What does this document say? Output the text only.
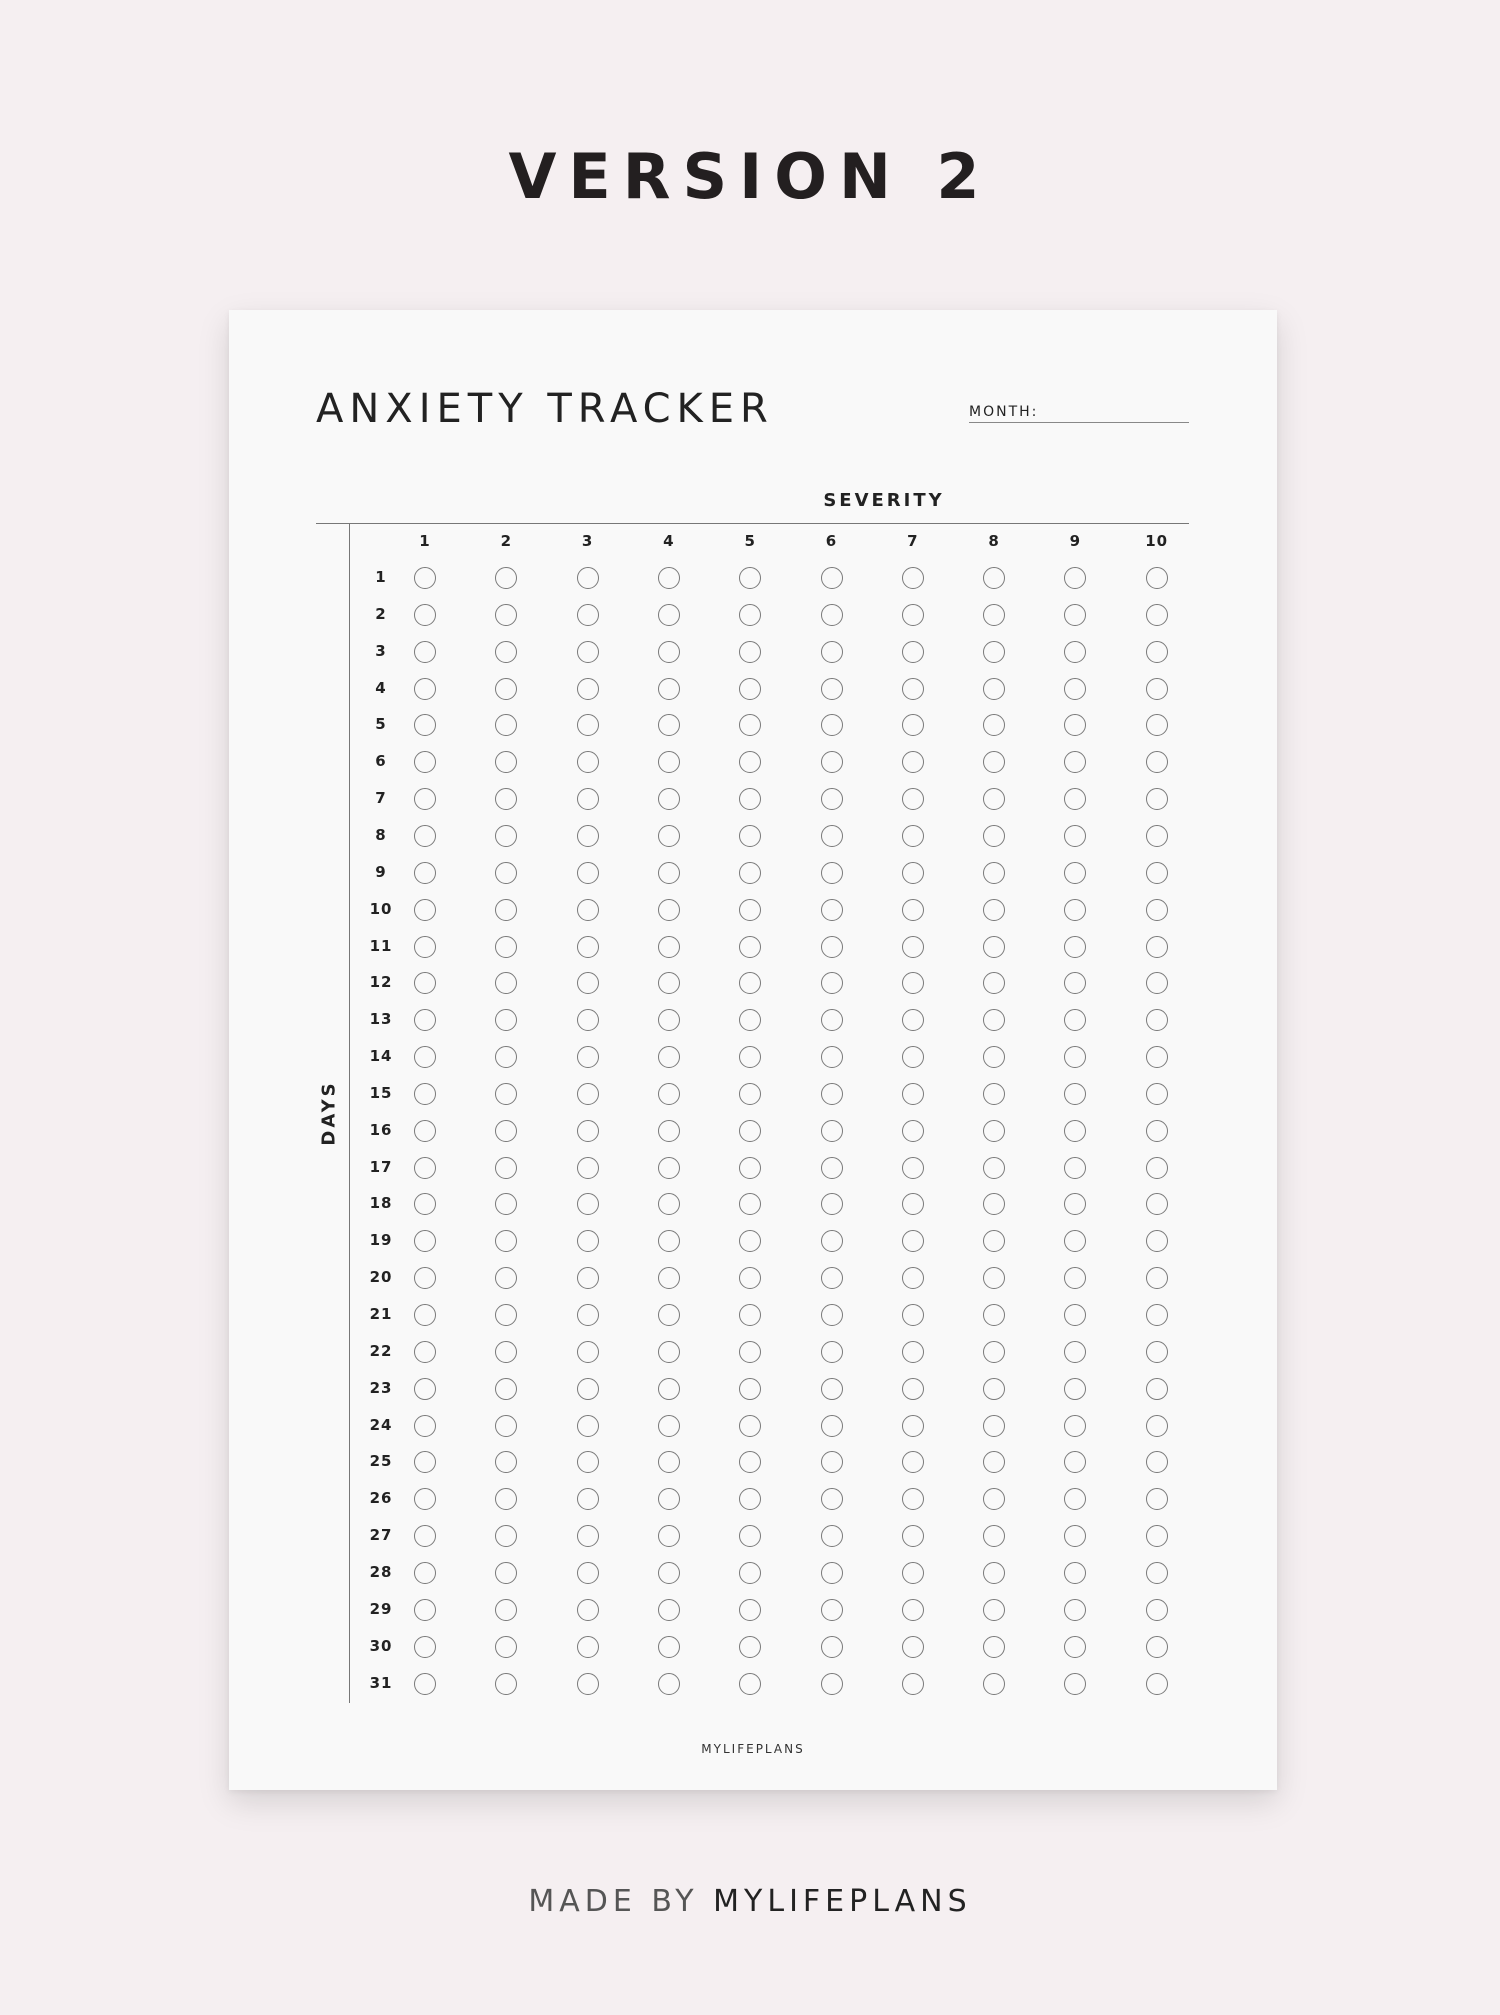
VERSION 2
ANXIETY TRACKER	MONTH:
SEVERITY
DAYS
1	2	3	4	5	6	7	8	9	10
1
2
3
4
5
6
7
8
9
10
11
12
13
14
15
16
17
18
19
20
21
22
23
24
25
26
27
28
29
30
31
MYLIFEPLANS
MADE BY MYLIFEPLANS
